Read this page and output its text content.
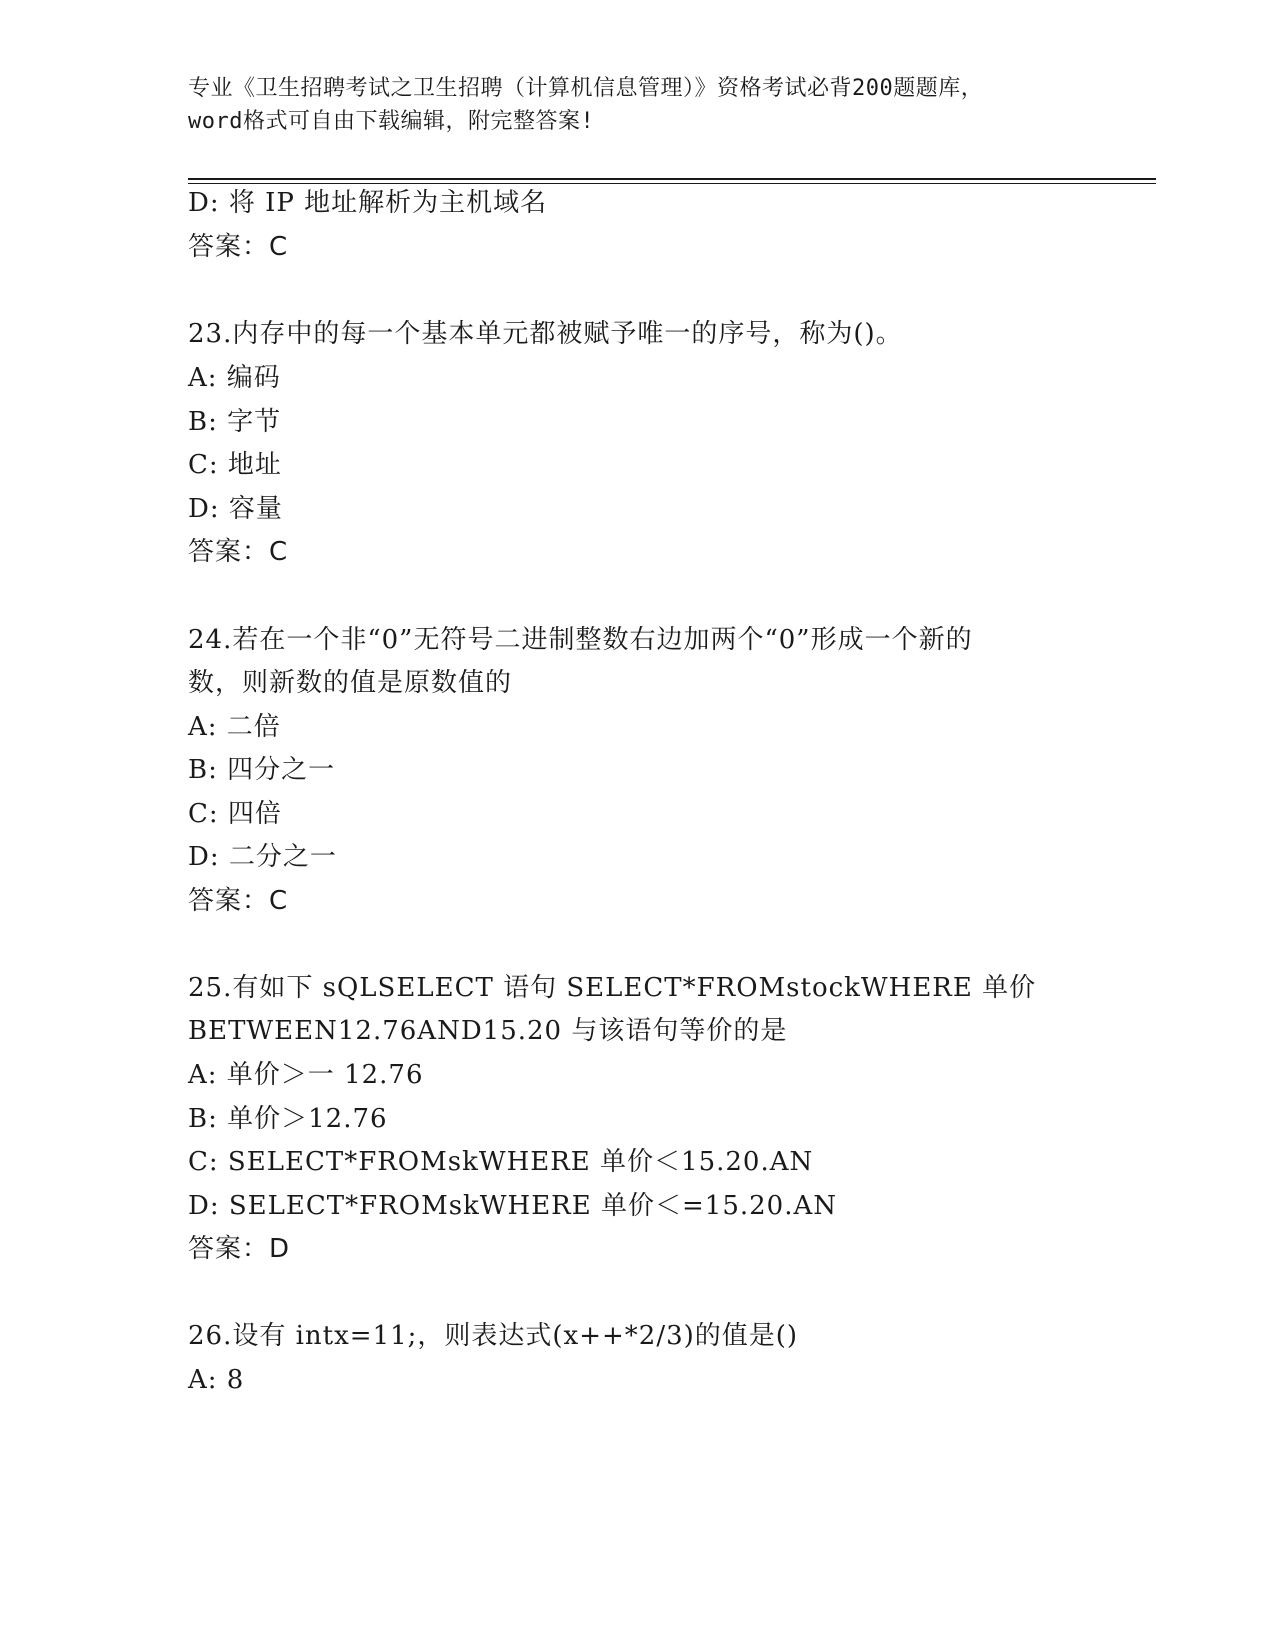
专业《卫生招聘考试之卫生招聘（计算机信息管理）》资格考试必背200题题库，
word格式可自由下载编辑，附完整答案!
D: 将 IP 地址解析为主机域名
答案：C
23.内存中的每一个基本单元都被赋予唯一的序号，称为()。
A: 编码
B: 字节
C: 地址
D: 容量
答案：C
24.若在一个非“0”无符号二进制整数右边加两个“0”形成一个新的
数，则新数的值是原数值的
A: 二倍
B: 四分之一
C: 四倍
D: 二分之一
答案：C
25.有如下 sQLSELECT 语句 SELECT*FROMstockWHERE 单价
BETWEEN12.76AND15.20 与该语句等价的是
A: 单价＞一 12.76
B: 单价＞12.76
C: SELECT*FROMskWHERE 单价＜15.20.AN
D: SELECT*FROMskWHERE 单价＜=15.20.AN
答案：D
26.设有 intx=11;，则表达式(x++*2/3)的值是()
A: 8
